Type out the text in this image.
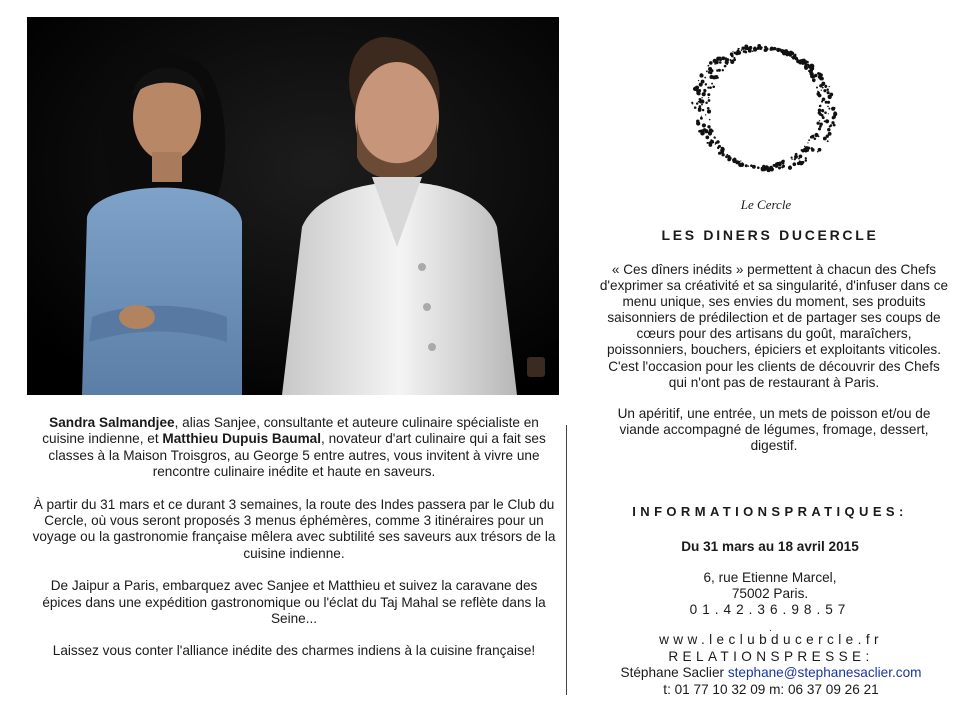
Sandra Salmandjee, alias Sanjee, consultante et auteure culinaire spécialiste en cuisine indienne, et Matthieu Dupuis Baumal, novateur d'art culinaire qui a fait ses classes à la Maison Troisgros, au George 5 entre autres, vous invitent à vivre une rencontre culinaire inédite et haute en saveurs.

À partir du 31 mars et ce durant 3 semaines, la route des Indes passera par le Club du Cercle, où vous seront proposés 3 menus éphémères, comme 3 itinéraires pour un voyage ou la gastronomie française mêlera avec subtilité ses saveurs aux trésors de la cuisine indienne.

De Jaipur a Paris, embarquez avec Sanjee et Matthieu et suivez la caravane des épices dans une expédition gastronomique ou l'éclat du Taj Mahal se reflète dans la Seine...

Laissez vous conter l'alliance inédite des charmes indiens à la cuisine française!

Le Cercle
LES DINERS DUCERCLE

« Ces dîners inédits » permettent à chacun des Chefs d'exprimer sa créativité et sa singularité, d'infuser dans ce menu unique, ses envies du moment, ses produits saisonniers de prédilection et de partager ses coups de cœurs pour des artisans du goût, maraîchers, poissonniers, bouchers, épiciers et exploitants viticoles. C'est l'occasion pour les clients de découvrir des Chefs qui n'ont pas de restaurant à Paris.

Un apéritif, une entrée, un mets de poisson et/ou de viande accompagné de légumes, fromage, dessert, digestif.

INFORMATIONSPRATIQUES:
Du 31 mars au 18 avril 2015
6, rue Etienne Marcel,
75002 Paris.
01.42.36.98.57
.
www.leclubducercle.fr
RELATIONSPRESSE:
Stéphane Saclier stephane@stephanesaclier.com
t: 01 77 10 32 09 m: 06 37 09 26 21
